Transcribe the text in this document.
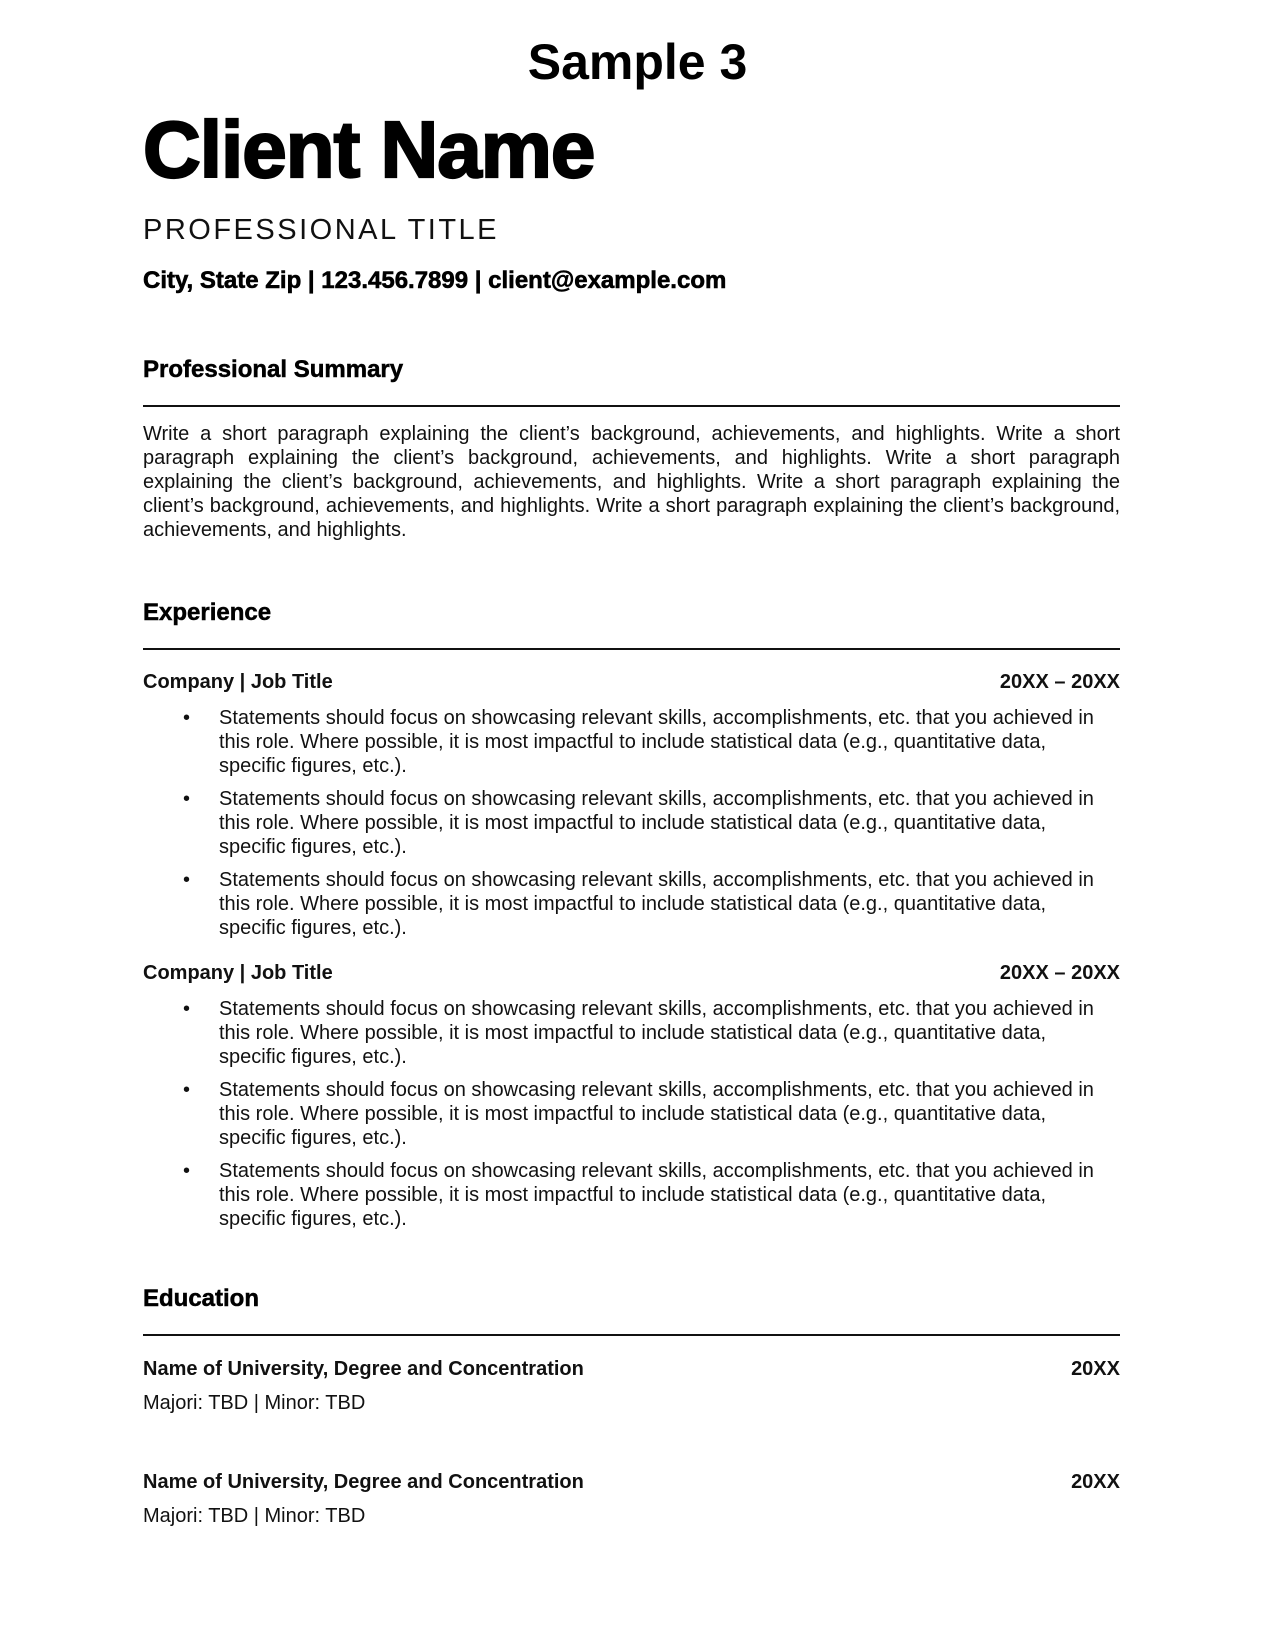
Sample 3
Client Name
PROFESSIONAL TITLE
City, State Zip | 123.456.7899 | client@example.com
Professional Summary
Write a short paragraph explaining the client’s background, achievements, and highlights. Write a short paragraph explaining the client’s background, achievements, and highlights. Write a short paragraph explaining the client’s background, achievements, and highlights. Write a short paragraph explaining the client’s background, achievements, and highlights. Write a short paragraph explaining the client’s background, achievements, and highlights.
Experience
Company | Job Title	20XX – 20XX
• Statements should focus on showcasing relevant skills, accomplishments, etc. that you achieved in this role. Where possible, it is most impactful to include statistical data (e.g., quantitative data, specific figures, etc.).
• Statements should focus on showcasing relevant skills, accomplishments, etc. that you achieved in this role. Where possible, it is most impactful to include statistical data (e.g., quantitative data, specific figures, etc.).
• Statements should focus on showcasing relevant skills, accomplishments, etc. that you achieved in this role. Where possible, it is most impactful to include statistical data (e.g., quantitative data, specific figures, etc.).
Company | Job Title	20XX – 20XX
• Statements should focus on showcasing relevant skills, accomplishments, etc. that you achieved in this role. Where possible, it is most impactful to include statistical data (e.g., quantitative data, specific figures, etc.).
• Statements should focus on showcasing relevant skills, accomplishments, etc. that you achieved in this role. Where possible, it is most impactful to include statistical data (e.g., quantitative data, specific figures, etc.).
• Statements should focus on showcasing relevant skills, accomplishments, etc. that you achieved in this role. Where possible, it is most impactful to include statistical data (e.g., quantitative data, specific figures, etc.).
Education
Name of University, Degree and Concentration	20XX
Majori: TBD | Minor: TBD
Name of University, Degree and Concentration	20XX
Majori: TBD | Minor: TBD
